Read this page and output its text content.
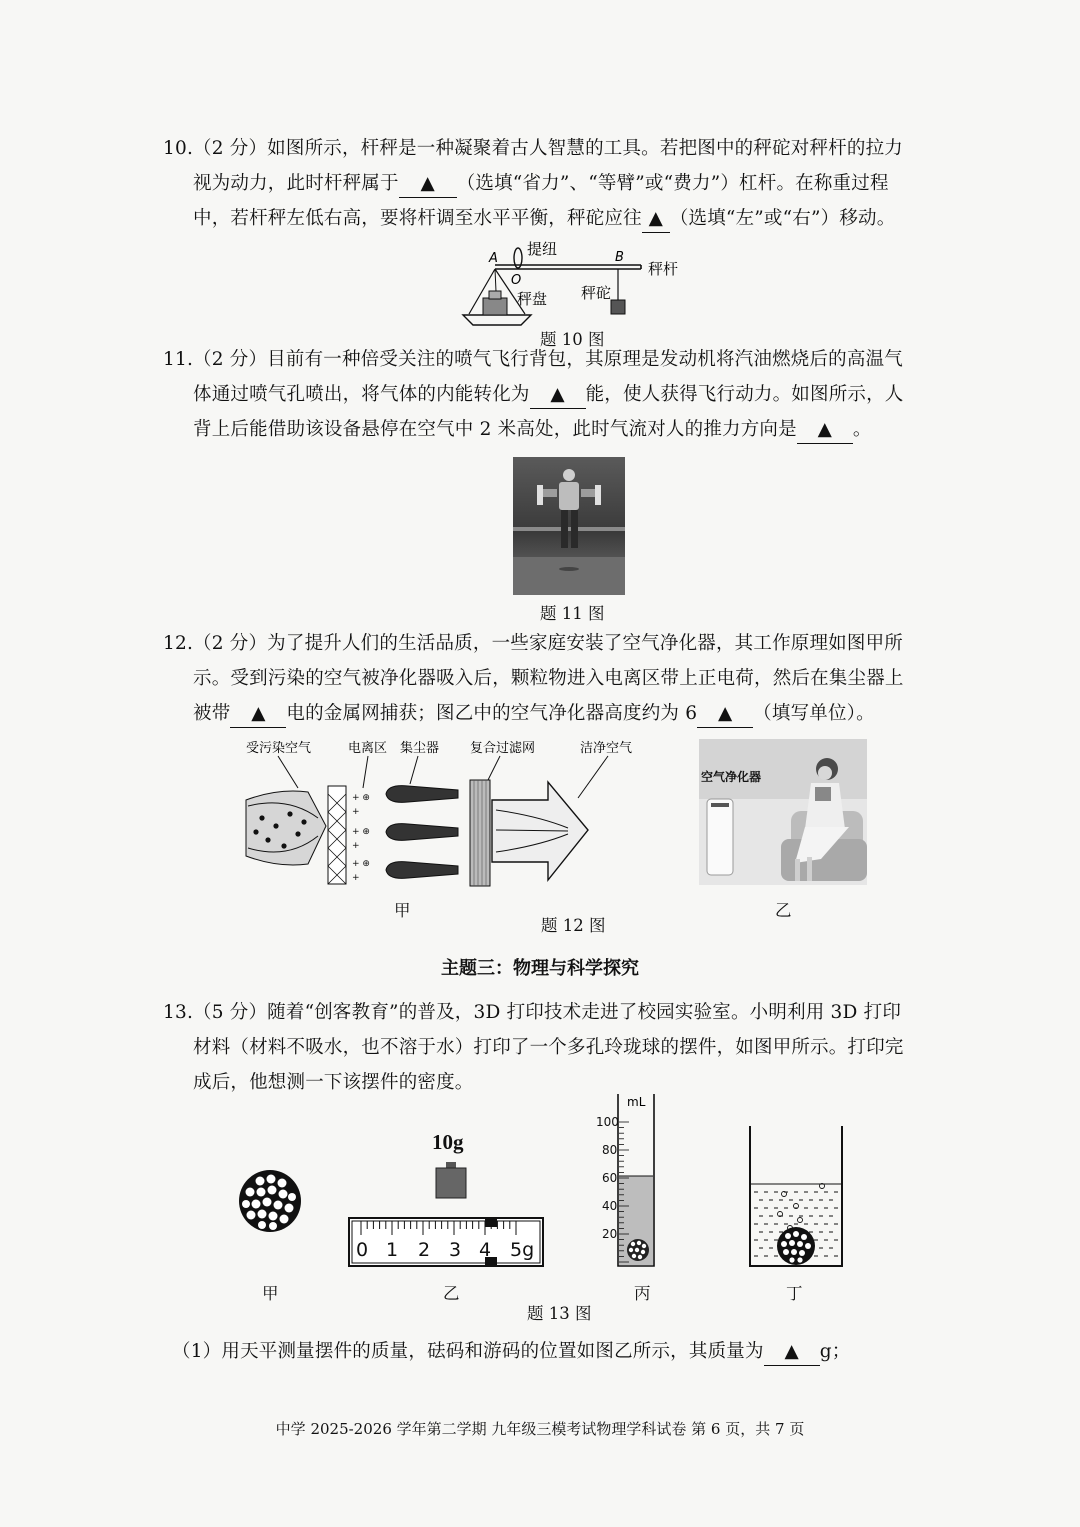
10.（2 分）如图所示，杆秤是一种凝聚着古人智慧的工具。若把图中的秤砣对秤杆的拉力
视为动力，此时杆秤属于 ▲ （选填“省力”、“等臂”或“费力”）杠杆。在称重过程
中，若杆秤左低右高，要将杆调至水平平衡，秤砣应往 ▲ （选填“左”或“右”）移动。
A
O
B
提纽
秤杆
秤盘 秤砣
题 10 图
11.（2 分）目前有一种倍受关注的喷气飞行背包，其原理是发动机将汽油燃烧后的高温气
体通过喷气孔喷出，将气体的内能转化为 ▲ 能，使人获得飞行动力。如图所示，人
背上后能借助该设备悬停在空气中 2 米高处，此时气流对人的推力方向是 ▲ 。
题 11 图
12.（2 分）为了提升人们的生活品质，一些家庭安装了空气净化器，其工作原理如图甲所
示。受到污染的空气被净化器吸入后，颗粒物进入电离区带上正电荷，然后在集尘器上
被带 ▲ 电的金属网捕获；图乙中的空气净化器高度约为 6 ▲ （填写单位）。
受污染空气	电离区 集尘器 复合过滤网	洁净空气
+ ⊕
+
+ ⊕
+
+ ⊕
+
甲
空气净化器
乙
题 12 图
主题三：物理与科学探究
13.（5 分）随着“创客教育”的普及，3D 打印技术走进了校园实验室。小明利用 3D 打印
材料（材料不吸水，也不溶于水）打印了一个多孔玲珑球的摆件，如图甲所示。打印完
成后，他想测一下该摆件的密度。
10g
0 1 2 3 4 5g
mL
100
80
60
40
20
甲	乙	丙	丁
题 13 图
（1）用天平测量摆件的质量，砝码和游码的位置如图乙所示，其质量为 ▲ g；
中学 2025-2026 学年第二学期 九年级三模考试物理学科试卷 第 6 页，共 7 页
